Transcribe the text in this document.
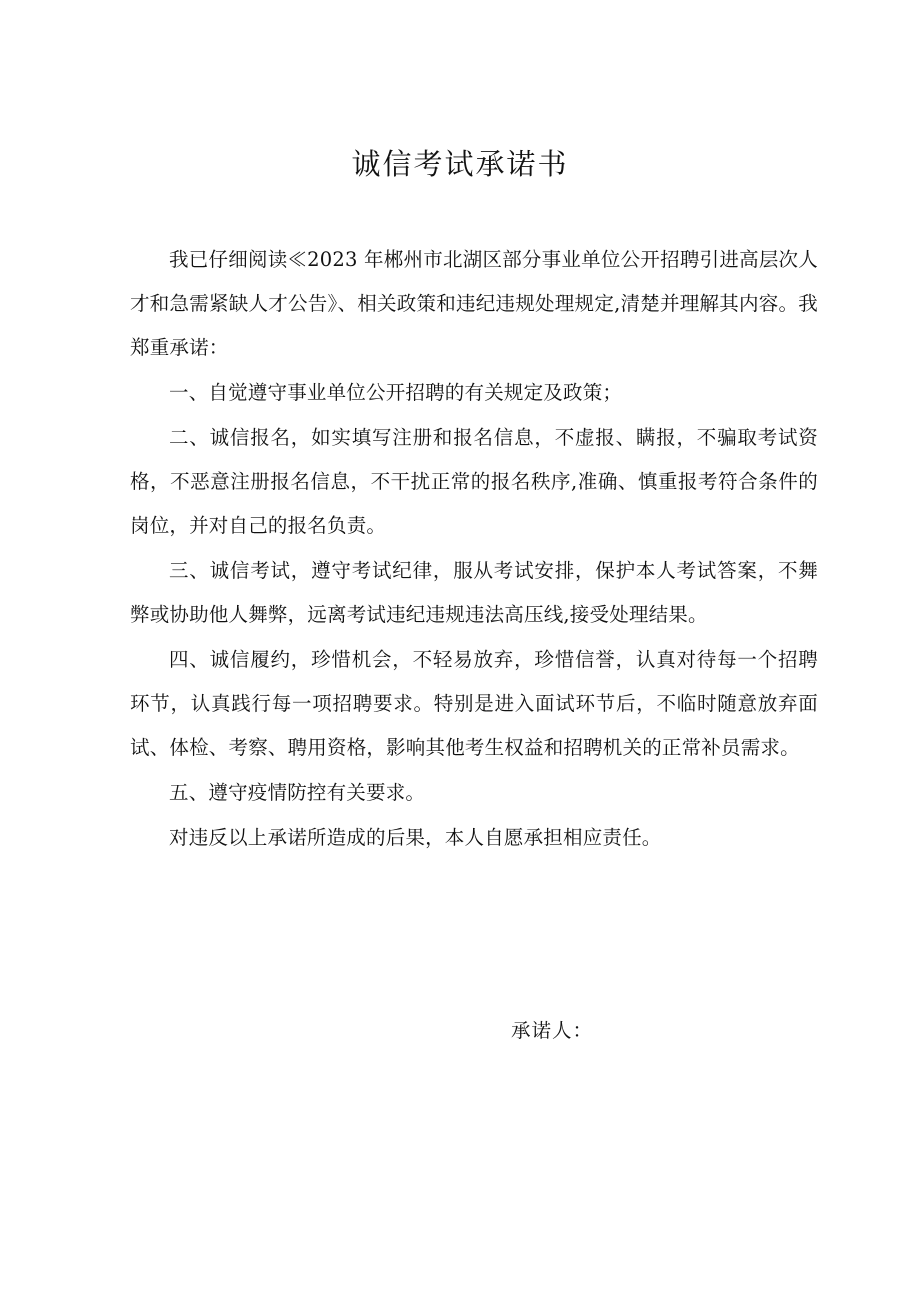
诚信考试承诺书

我已仔细阅读≪2023 年郴州市北湖区部分事业单位公开招聘引进高层次人才和急需紧缺人才公告》、相关政策和违纪违规处理规定,清楚并理解其内容。我郑重承诺：

一、自觉遵守事业单位公开招聘的有关规定及政策；

二、诚信报名，如实填写注册和报名信息，不虚报、瞒报，不骗取考试资格，不恶意注册报名信息，不干扰正常的报名秩序,准确、慎重报考符合条件的岗位，并对自己的报名负责。

三、诚信考试，遵守考试纪律，服从考试安排，保护本人考试答案，不舞弊或协助他人舞弊，远离考试违纪违规违法高压线,接受处理结果。

四、诚信履约，珍惜机会，不轻易放弃，珍惜信誉，认真对待每一个招聘环节，认真践行每一项招聘要求。特别是进入面试环节后，不临时随意放弃面试、体检、考察、聘用资格，影响其他考生权益和招聘机关的正常补员需求。

五、遵守疫情防控有关要求。

对违反以上承诺所造成的后果，本人自愿承担相应责任。

承诺人：
